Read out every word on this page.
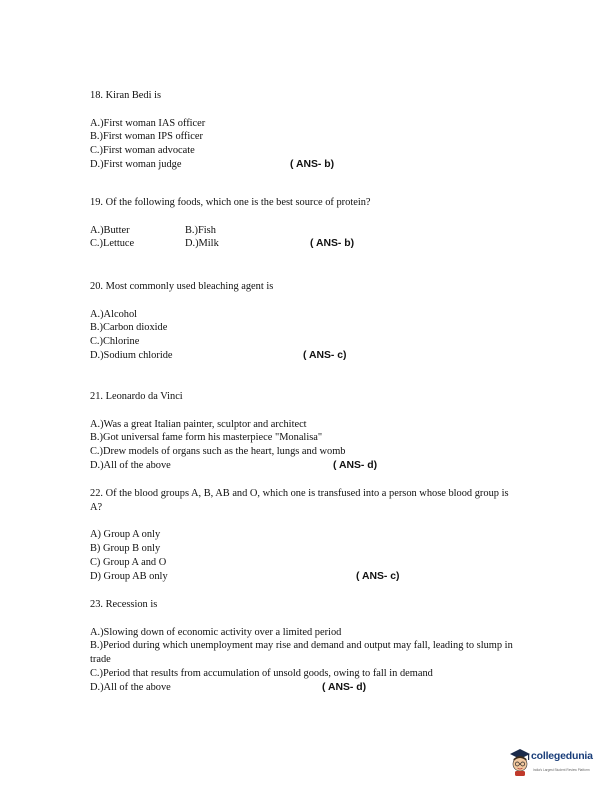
18. Kiran Bedi is
A.)First woman IAS officer
B.)First woman IPS officer
C.)First woman advocate
D.)First woman judge	( ANS- b)
19. Of the following foods, which one is the best source of protein?
A.)Butter	B.)Fish
C.)Lettuce	D.)Milk	( ANS- b)
20. Most commonly used bleaching agent is
A.)Alcohol
B.)Carbon dioxide
C.)Chlorine
D.)Sodium chloride	( ANS- c)
21. Leonardo da Vinci
A.)Was a great Italian painter, sculptor and architect
B.)Got universal fame form his masterpiece "Monalisa"
C.)Drew models of organs such as the heart, lungs and womb
D.)All of the above	( ANS- d)
22. Of the blood groups A, B, AB and O, which one is transfused into a person whose blood group is A?
A) Group A only
B) Group B only
C) Group A and O
D) Group AB only	( ANS- c)
23. Recession is
A.)Slowing down of economic activity over a limited period
B.)Period during which unemployment may rise and demand and output may fall, leading to slump in trade
C.)Period that results from accumulation of unsold goods, owing to fall in demand
D.)All of the above	( ANS- d)
collegedunia
India's Largest Student Review Platform
